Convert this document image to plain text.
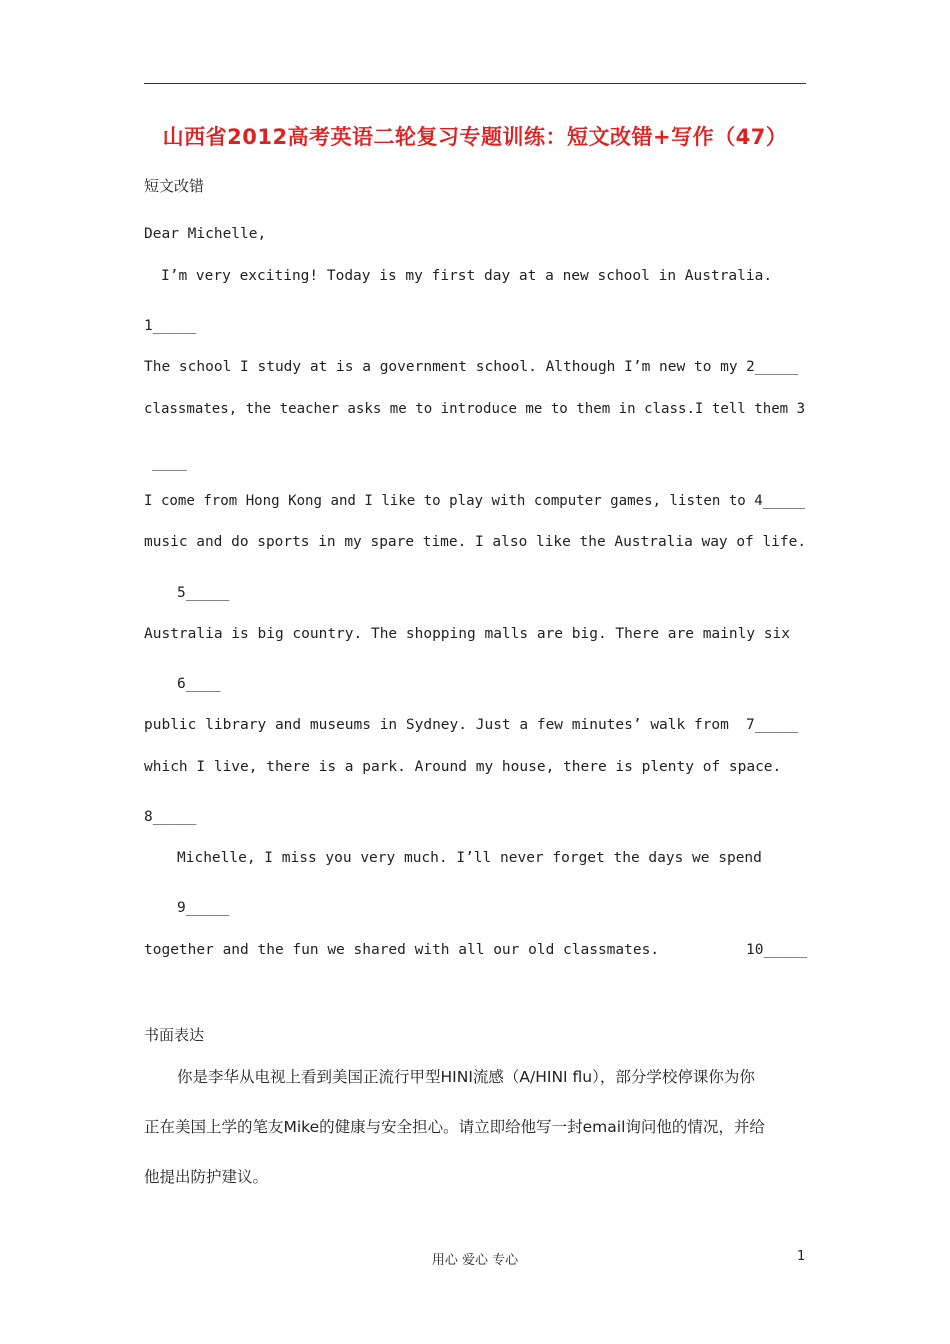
山西省2012高考英语二轮复习专题训练：短文改错+写作（47）
短文改错
Dear Michelle,
I’m very exciting! Today is my first day at a new school in Australia.
1_____
The school I study at is a government school. Although I’m new to my 2_____
classmates, the teacher asks me to introduce me to them in class.I tell them 3
____
I come from Hong Kong and I like to play with computer games, listen to 4_____
music and do sports in my spare time. I also like the Australia way of life.
5_____
Australia is big country. The shopping malls are big. There are mainly six
6____
public library and museums in Sydney. Just a few minutes’ walk from 7_____
which I live, there is a park. Around my house, there is plenty of space.
8_____
Michelle, I miss you very much. I’ll never forget the days we spend
9_____
together and the fun we shared with all our old classmates.	10_____
书面表达
你是李华从电视上看到美国正流行甲型HINI流感（A/HINI flu），部分学校停课你为你
正在美国上学的笔友Mike的健康与安全担心。请立即给他写一封email询问他的情况，并给
他提出防护建议。
用心 爱心 专心	1
